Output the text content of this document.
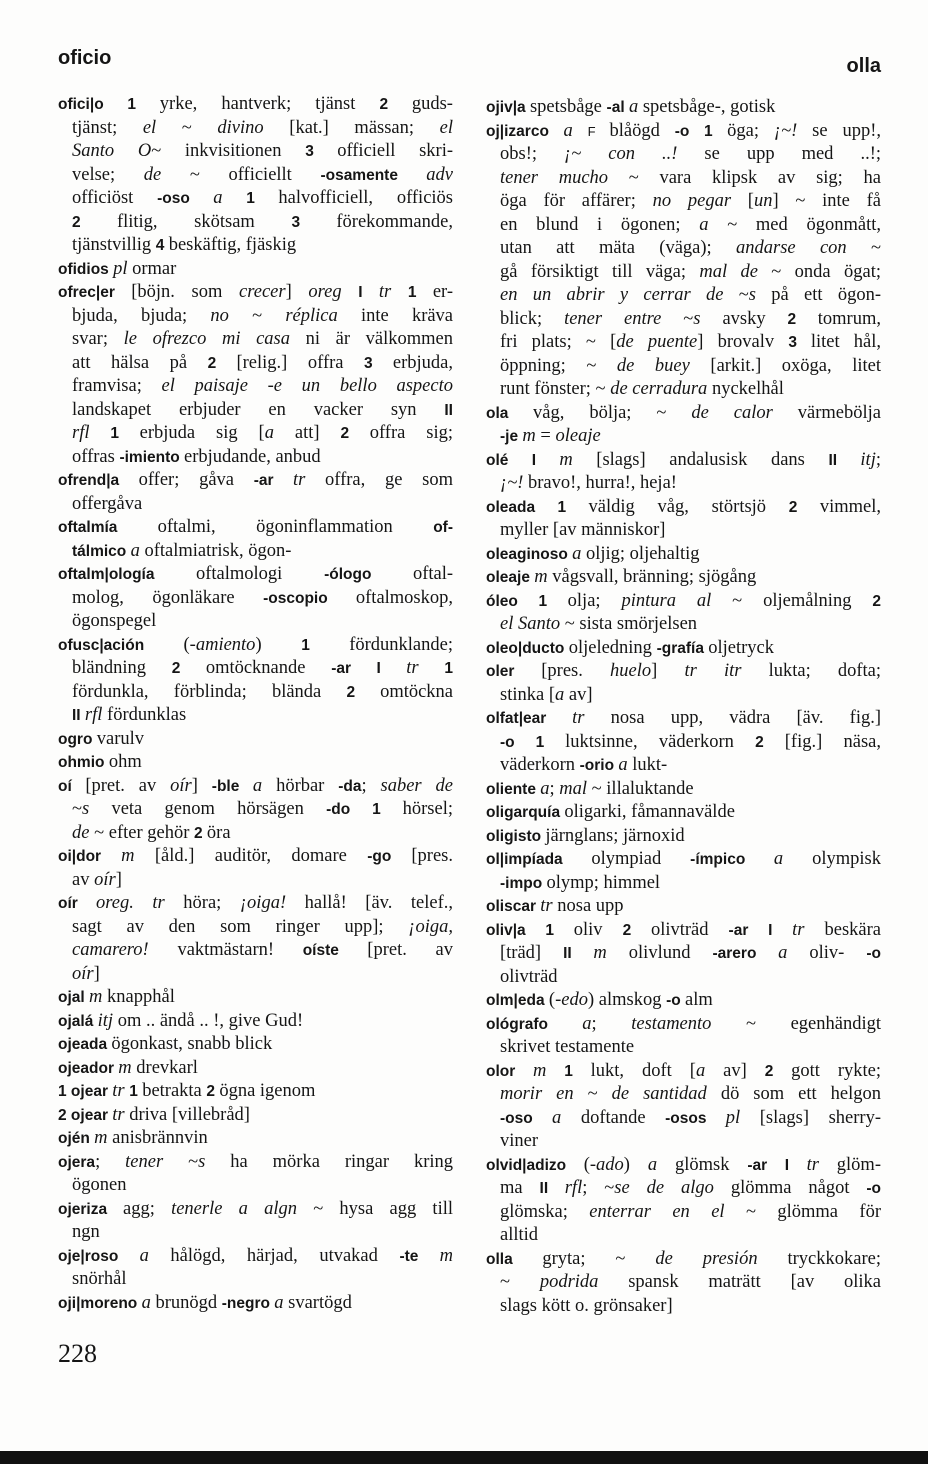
oficio	olla
ofici|o 1 yrke, hantverk; tjänst 2 guds-
tjänst; el ~ divino [kat.] mässan; el
Santo O~ inkvisitionen 3 officiell skri-
velse; de ~ officiellt -osamente adv
officiöst -oso a 1 halvofficiell, officiös
2 flitig, skötsam 3 förekommande,
tjänstvillig 4 beskäftig, fjäskig
ofidios pl ormar
ofrec|er [böjn. som crecer] oreg I tr 1 er-
bjuda, bjuda; no ~ réplica inte kräva
svar; le ofrezco mi casa ni är välkommen
att hälsa på 2 [relig.] offra 3 erbjuda,
framvisa; el paisaje -e un bello aspecto
landskapet erbjuder en vacker syn II
rfl 1 erbjuda sig [a att] 2 offra sig;
offras -imiento erbjudande, anbud
ofrend|a offer; gåva -ar tr offra, ge som
offergåva
oftalmía oftalmi, ögoninflammation of-
tálmico a oftalmiatrisk, ögon-
oftalm|ología oftalmologi -ólogo oftal-
molog, ögonläkare -oscopio oftalmoskop,
ögonspegel
ofusc|ación (-amiento) 1 fördunklande;
bländning 2 omtöcknande -ar I tr 1
fördunkla, förblinda; blända 2 omtöckna
II rfl fördunklas
ogro varulv
ohmio ohm
oí [pret. av oír] -ble a hörbar -da; saber de
~s veta genom hörsägen -do 1 hörsel;
de ~ efter gehör 2 öra
oi|dor m [åld.] auditör, domare -go [pres.
av oír]
oír oreg. tr höra; ¡oiga! hallå! [äv. telef.,
sagt av den som ringer upp]; ¡oiga,
camarero! vaktmästarn! oíste [pret. av
oír]
ojal m knapphål
ojalá itj om .. ändå .. !, give Gud!
ojeada ögonkast, snabb blick
ojeador m drevkarl
1 ojear tr 1 betrakta 2 ögna igenom
2 ojear tr driva [villebråd]
ojén m anisbrännvin
ojera; tener ~s ha mörka ringar kring
ögonen
ojeriza agg; tenerle a algn ~ hysa agg till
ngn
oje|roso a hålögd, härjad, utvakad -te m
snörhål
oji|moreno a brunögd -negro a svartögd
ojiv|a spetsbåge -al a spetsbåge-, gotisk
oj|izarco a F blåögd -o 1 öga; ¡~! se upp!,
obs!; ¡~ con ..! se upp med ..!;
tener mucho ~ vara klipsk av sig; ha
öga för affärer; no pegar [un] ~ inte få
en blund i ögonen; a ~ med ögonmått,
utan att mäta (väga); andarse con ~
gå försiktigt till väga; mal de ~ onda ögat;
en un abrir y cerrar de ~s på ett ögon-
blick; tener entre ~s avsky 2 tomrum,
fri plats; ~ [de puente] brovalv 3 litet hål,
öppning; ~ de buey [arkit.] oxöga, litet
runt fönster; ~ de cerradura nyckelhål
ola våg, bölja; ~ de calor värmebölja
-je m = oleaje
olé I m [slags] andalusisk dans II itj;
¡~! bravo!, hurra!, heja!
oleada 1 väldig våg, störtsjö 2 vimmel,
myller [av människor]
oleaginoso a oljig; oljehaltig
oleaje m vågsvall, bränning; sjögång
óleo 1 olja; pintura al ~ oljemålning 2
el Santo ~ sista smörjelsen
oleo|ducto oljeledning -grafía oljetryck
oler [pres. huelo] tr itr lukta; dofta;
stinka [a av]
olfat|ear tr nosa upp, vädra [äv. fig.]
-o 1 luktsinne, väderkorn 2 [fig.] näsa,
väderkorn -orio a lukt-
oliente a; mal ~ illaluktande
oligarquía oligarki, fåmannavälde
oligisto järnglans; järnoxid
ol|impíada olympiad -ímpico a olympisk
-impo olymp; himmel
oliscar tr nosa upp
oliv|a 1 oliv 2 olivträd -ar I tr beskära
[träd] II m olivlund -arero a oliv- -o
olivträd
olm|eda (-edo) almskog -o alm
ológrafo a; testamento ~ egenhändigt
skrivet testamente
olor m 1 lukt, doft [a av] 2 gott rykte;
morir en ~ de santidad dö som ett helgon
-oso a doftande -osos pl [slags] sherry-
viner
olvid|adizo (-ado) a glömsk -ar I tr glöm-
ma II rfl; ~se de algo glömma något -o
glömska; enterrar en el ~ glömma för
alltid
olla gryta; ~ de presión tryckkokare;
~ podrida spansk maträtt [av olika
slags kött o. grönsaker]
228
